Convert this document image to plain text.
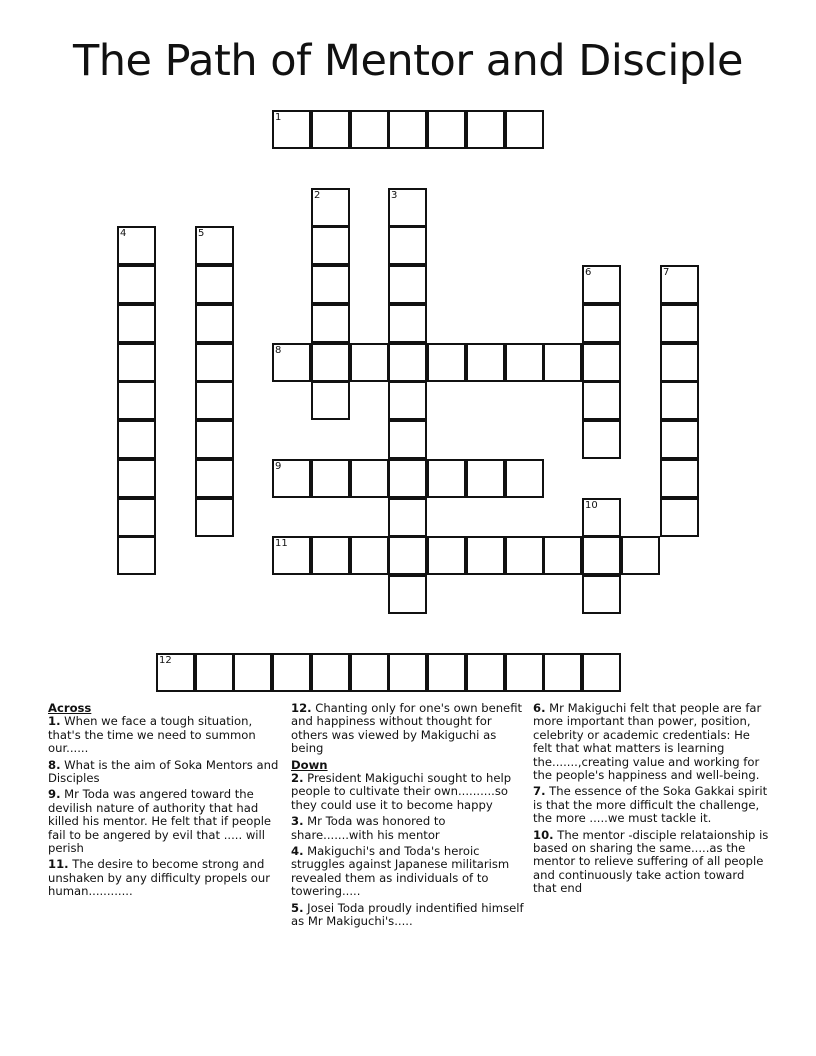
The Path of Mentor and Disciple
1
2	3
4	5
6	7
8
9
10
11
12
Across
1. When we face a tough situation, that's the time we need to summon our......
8. What is the aim of Soka Mentors and Disciples
9. Mr Toda was angered toward the devilish nature of authority that had killed his mentor. He felt that if people fail to be angered by evil that ..... will perish
11. The desire to become strong and unshaken by any difficulty propels our human............
12. Chanting only for one's own benefit and happiness without thought for others was viewed by Makiguchi as being
Down
2. President Makiguchi sought to help people to cultivate their own..........so they could use it to become happy
3. Mr Toda was honored to share.......with his mentor
4. Makiguchi's and Toda's heroic struggles against Japanese militarism revealed them as individuals of to towering.....
5. Josei Toda proudly indentified himself as Mr Makiguchi's.....
6. Mr Makiguchi felt that people are far more important than power, position, celebrity or academic credentials: He felt that what matters is learning the.......,creating value and working for the people's happiness and well-being.
7. The essence of the Soka Gakkai spirit is that the more difficult the challenge, the more .....we must tackle it.
10. The mentor -disciple relataionship is based on sharing the same.....as the mentor to relieve suffering of all people and continuously take action toward that end
